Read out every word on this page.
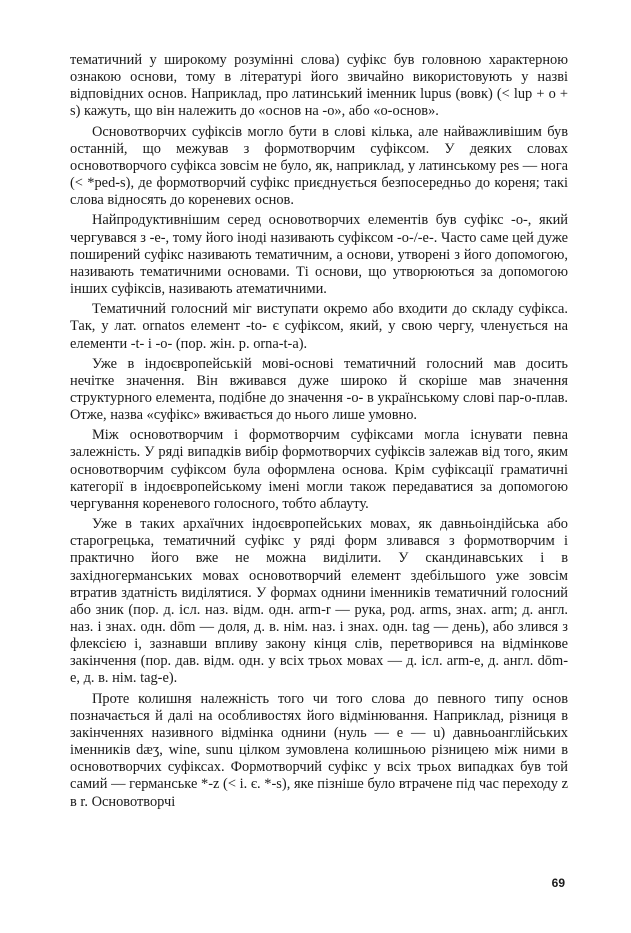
тематичний у широкому розумінні слова) суфікс був головною характерною ознакою основи, тому в літературі його звичайно використовують у назві відповідних основ. Наприклад, про латинський іменник lupus (вовк) (< lup + o + s) кажуть, що він належить до «основ на -о», або «о-основ».

Основотворчих суфіксів могло бути в слові кілька, але найважливішим був останній, що межував з формотворчим суфіксом. У деяких словах основотворчого суфікса зовсім не було, як, наприклад, у латинському pes — нога (< *ped-s), де формотворчий суфікс приєднується безпосередньо до кореня; такі слова відносять до кореневих основ.

Найпродуктивнішим серед основотворчих елементів був суфікс -о-, який чергувався з -е-, тому його іноді називають суфіксом -о-/-е-. Часто саме цей дуже поширений суфікс називають тематичним, а основи, утворені з його допомогою, називають тематичними основами. Ті основи, що утворюються за допомогою інших суфіксів, називають атематичними.

Тематичний голосний міг виступати окремо або входити до складу суфікса. Так, у лат. ornatos елемент -to- є суфіксом, який, у свою чергу, членується на елементи -t- і -о- (пор. жін. р. orna-t-a).

Уже в індоєвропейській мові-основі тематичний голосний мав досить нечітке значення. Він вживався дуже широко й скоріше мав значення структурного елемента, подібне до значення -о- в українському слові пар-о-плав. Отже, назва «суфікс» вживається до нього лише умовно.

Між основотворчим і формотворчим суфіксами могла існувати певна залежність. У ряді випадків вибір формотворчих суфіксів залежав від того, яким основотворчим суфіксом була оформлена основа. Крім суфіксації граматичні категорії в індоєвропейському імені могли також передаватися за допомогою чергування кореневого голосного, тобто аблауту.

Уже в таких архаїчних індоєвропейських мовах, як давньоіндійська або старогрецька, тематичний суфікс у ряді форм зливався з формотворчим і практично його вже не можна виділити. У скандинавських і в західногерманських мовах основотворчий елемент здебільшого уже зовсім втратив здатність виділятися. У формах однини іменників тематичний голосний або зник (пор. д. ісл. наз. відм. одн. arm-r — рука, род. arms, знах. arm; д. англ. наз. і знах. одн. dōm — доля, д. в. нім. наз. і знах. одн. tag — день), або злився з флексією і, зазнавши впливу закону кінця слів, перетворився на відмінкове закінчення (пор. дав. відм. одн. у всіх трьох мовах — д. ісл. arm-e, д. англ. dōm-e, д. в. нім. tag-e).

Проте колишня належність того чи того слова до певного типу основ позначається й далі на особливостях його відмінювання. Наприклад, різниця в закінченнях називного відмінка однини (нуль — е — u) давньоанглійських іменників dæʒ, wine, sunu цілком зумовлена колишньою різницею між ними в основотворчих суфіксах. Формотворчий суфікс у всіх трьох випадках був той самий — германське *-z (< і. є. *-s), яке пізніше було втрачене під час переходу z в r. Основотворчі

69
